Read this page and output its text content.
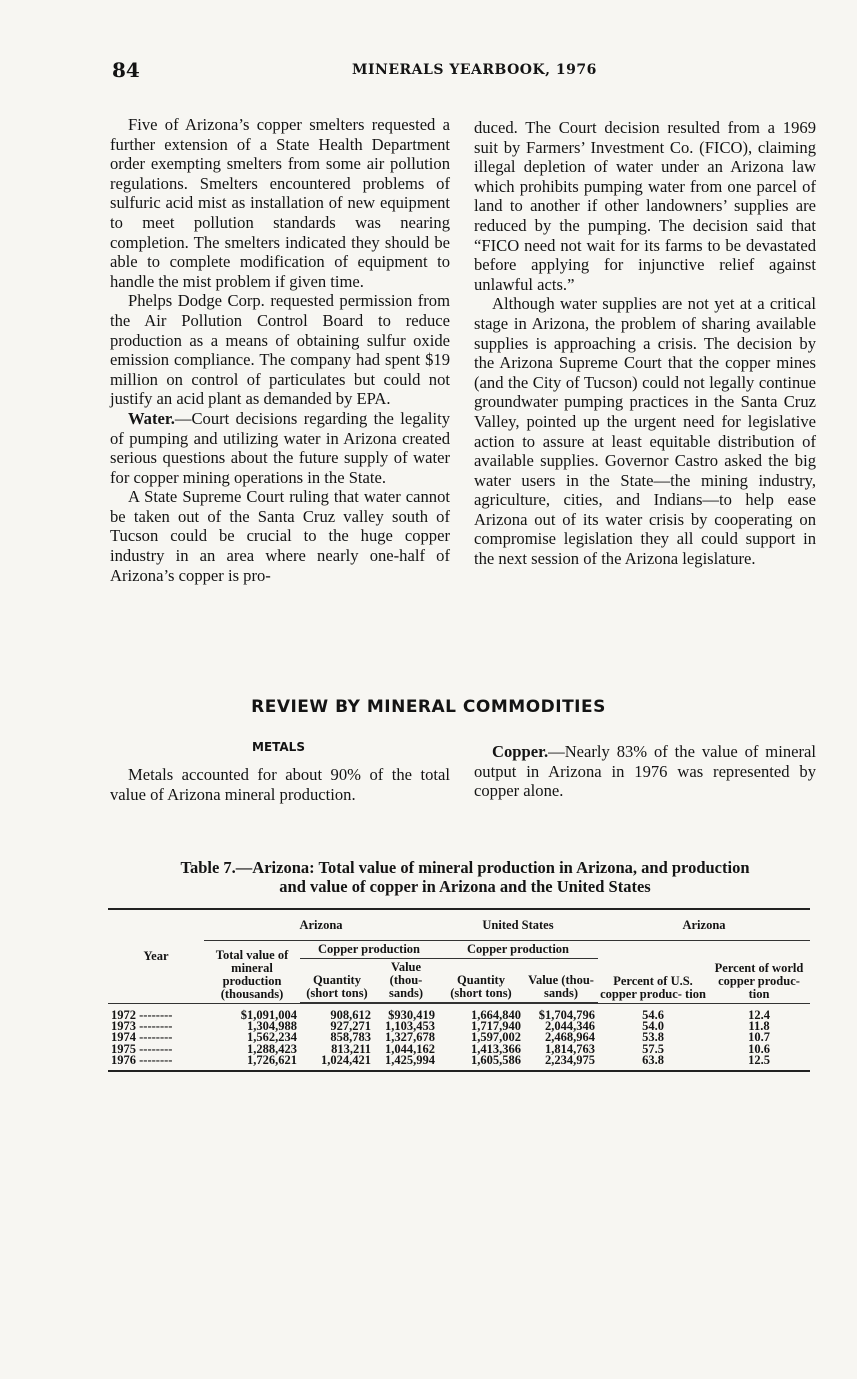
84	MINERALS YEARBOOK, 1976

Five of Arizona’s copper smelters requested a further extension of a State Health Department order exempting smelters from some air pollution regulations. Smelters encountered problems of sulfuric acid mist as installation of new equipment to meet pollution standards was nearing completion. The smelters indicated they should be able to complete modification of equipment to handle the mist problem if given time.

Phelps Dodge Corp. requested permission from the Air Pollution Control Board to reduce production as a means of obtaining sulfur oxide emission compliance. The company had spent $19 million on control of particulates but could not justify an acid plant as demanded by EPA.

Water.—Court decisions regarding the legality of pumping and utilizing water in Arizona created serious questions about the future supply of water for copper mining operations in the State.

A State Supreme Court ruling that water cannot be taken out of the Santa Cruz valley south of Tucson could be crucial to the huge copper industry in an area where nearly one-half of Arizona’s copper is pro-

duced. The Court decision resulted from a 1969 suit by Farmers’ Investment Co. (FICO), claiming illegal depletion of water under an Arizona law which prohibits pumping water from one parcel of land to another if other landowners’ supplies are reduced by the pumping. The decision said that “FICO need not wait for its farms to be devastated before applying for injunctive relief against unlawful acts.”

Although water supplies are not yet at a critical stage in Arizona, the problem of sharing available supplies is approaching a crisis. The decision by the Arizona Supreme Court that the copper mines (and the City of Tucson) could not legally continue groundwater pumping practices in the Santa Cruz Valley, pointed up the urgent need for legislative action to assure at least equitable distribution of available supplies. Governor Castro asked the big water users in the State—the mining industry, agriculture, cities, and Indians—to help ease Arizona out of its water crisis by cooperating on compromise legislation they all could support in the next session of the Arizona legislature.

REVIEW BY MINERAL COMMODITIES
METALS

Metals accounted for about 90% of the total value of Arizona mineral production.

Copper.—Nearly 83% of the value of mineral output in Arizona in 1976 was represented by copper alone.

Table 7.—Arizona: Total value of mineral production in Arizona, and production
and value of copper in Arizona and the United States
Year	Arizona			United States		Arizona	
	Total value of mineral production (thousands)	Copper production		Copper production		Percent of U.S. copper produc- tion	Percent of world copper produc- tion
		Quantity (short tons)	Value (thou- sands)	Quantity (short tons)	Value (thou- sands)		

1972 --------	$1,091,004	908,612	$930,419	1,664,840	$1,704,796	54.6	12.4
1973 --------	1,304,988	927,271	1,103,453	1,717,940	2,044,346	54.0	11.8
1974 --------	1,562,234	858,783	1,327,678	1,597,002	2,468,964	53.8	10.7
1975 --------	1,288,423	813,211	1,044,162	1,413,366	1,814,763	57.5	10.6
1976 --------	1,726,621	1,024,421	1,425,994	1,605,586	2,234,975	63.8	12.5
